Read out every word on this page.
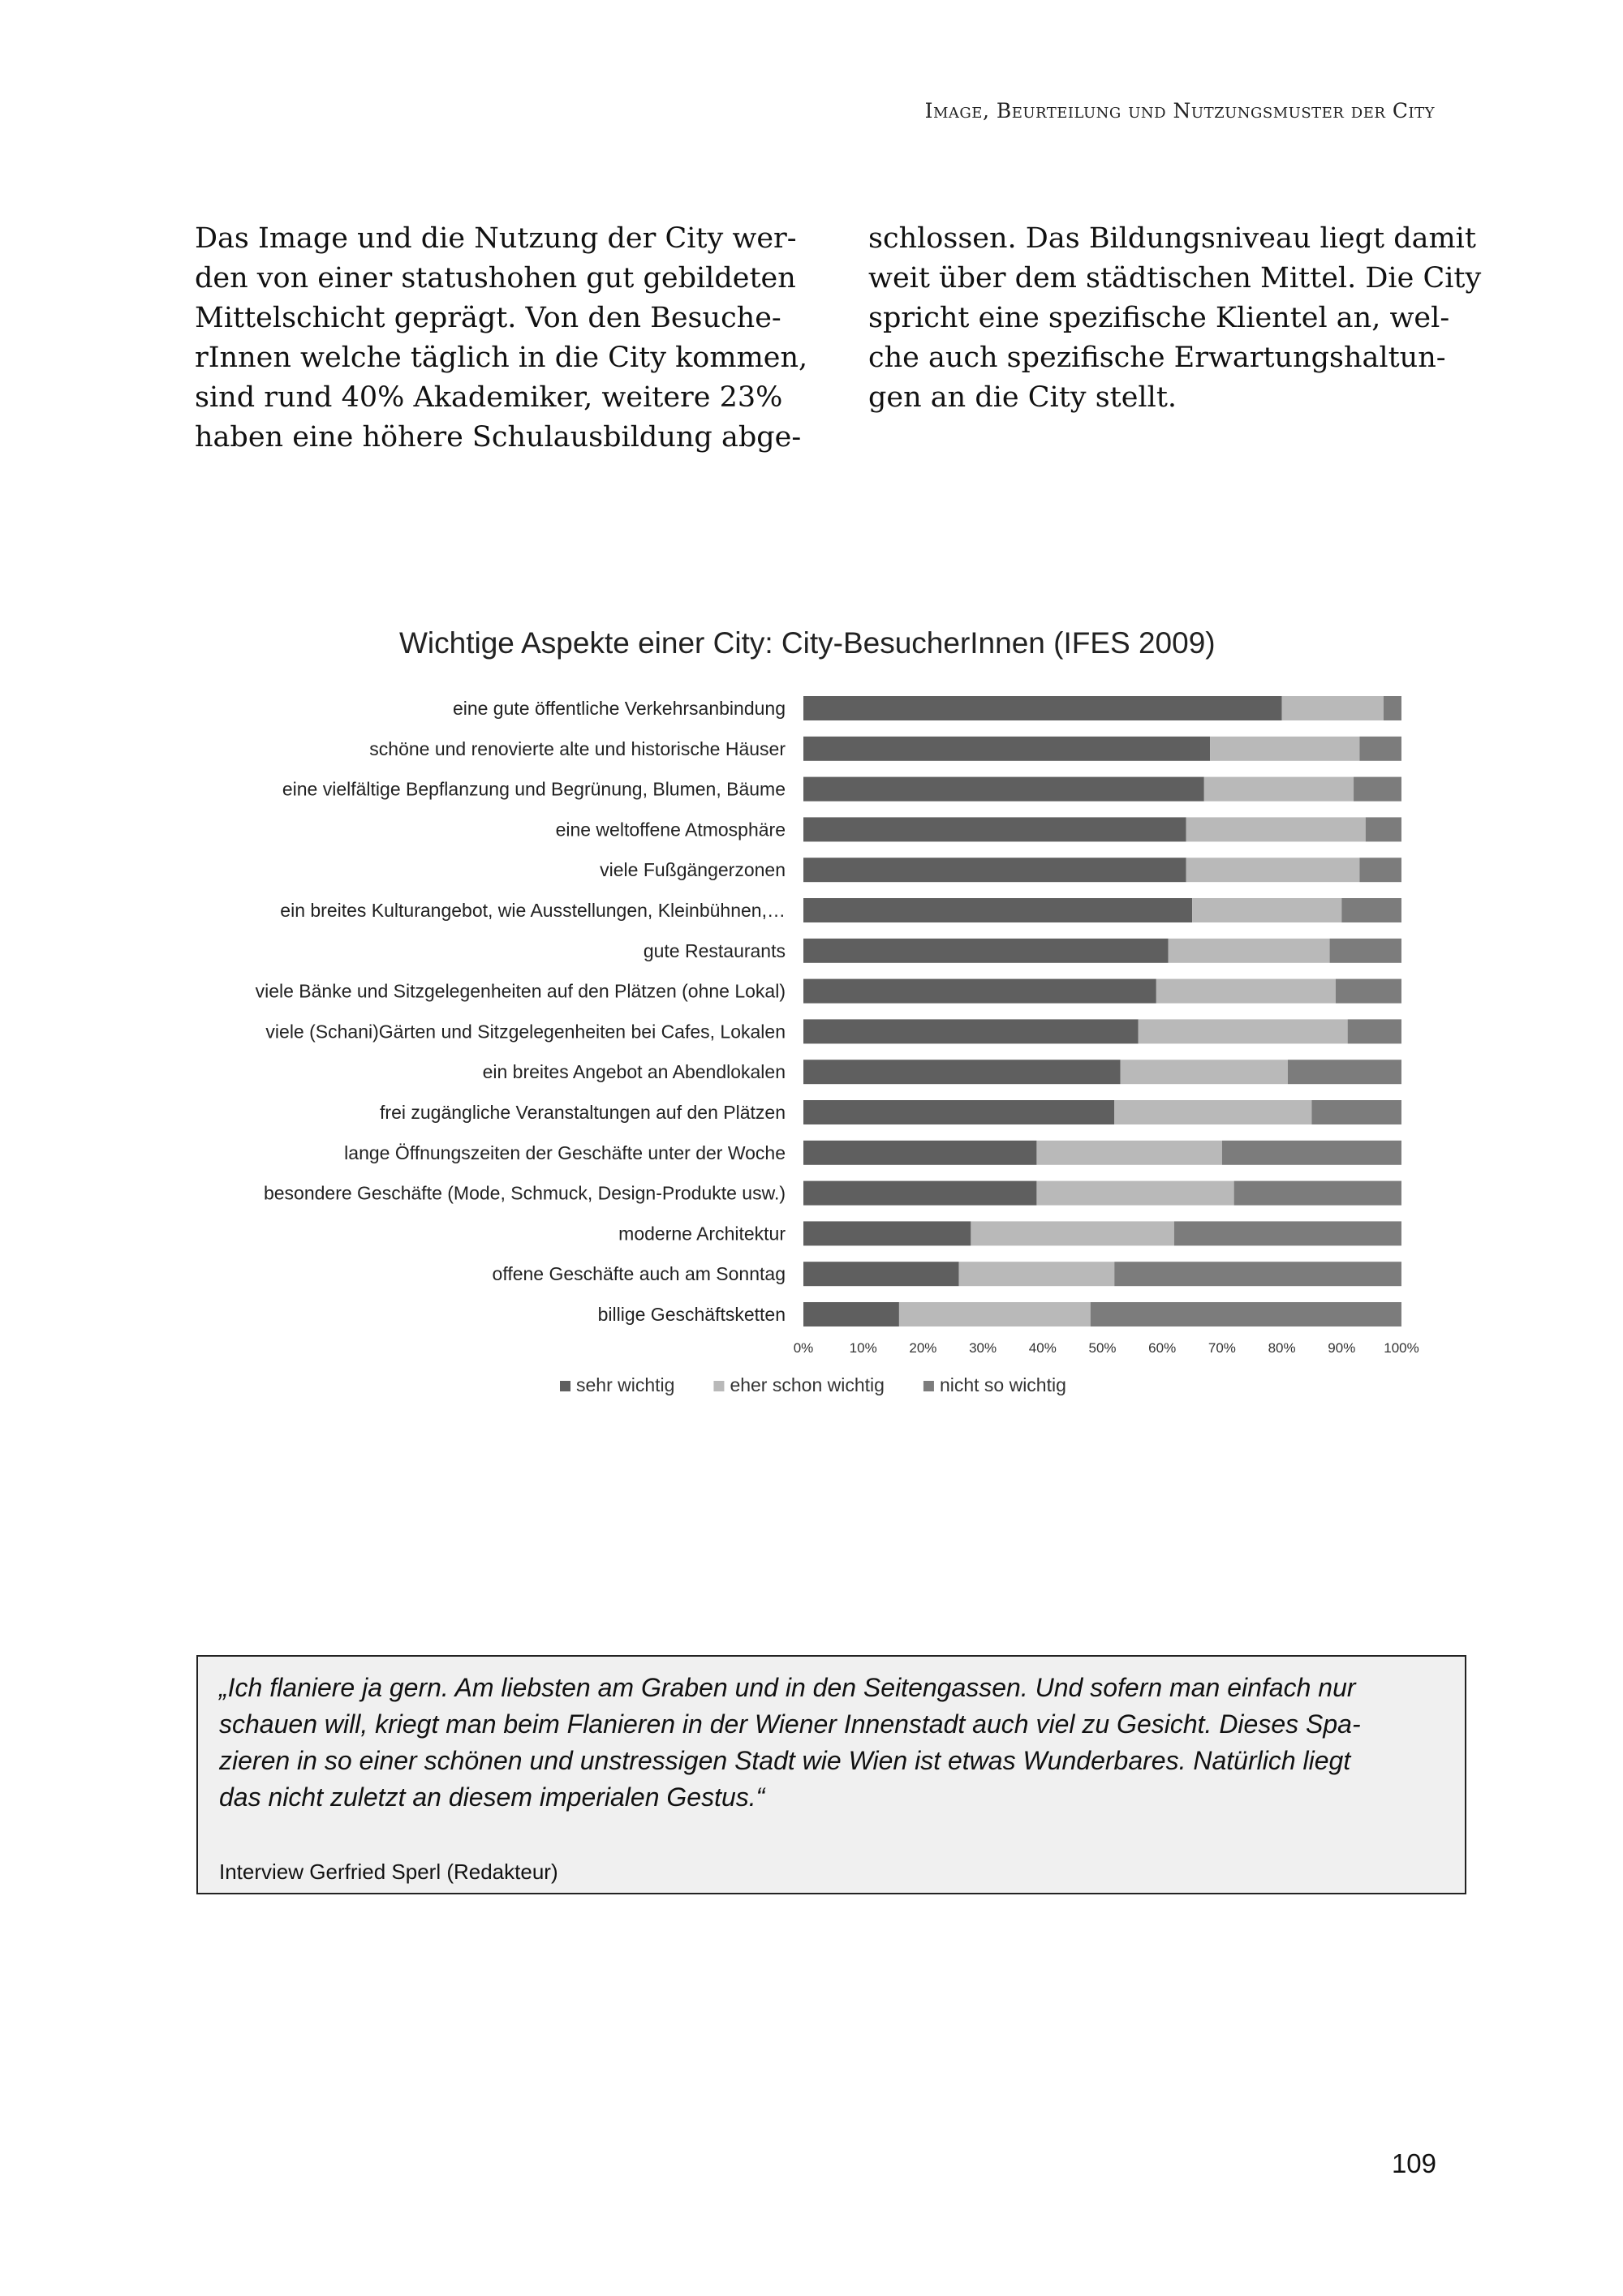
Image, Beurteilung und Nutzungsmuster der City
Das Image und die Nutzung der City wer-
den von einer statushohen gut gebildeten
Mittelschicht geprägt. Von den Besuche-
rInnen welche täglich in die City kommen,
sind rund 40% Akademiker, weitere 23%
haben eine höhere Schulausbildung abge-
schlossen. Das Bildungsniveau liegt damit
weit über dem städtischen Mittel. Die City
spricht eine spezifische Klientel an, wel-
che auch spezifische Erwartungshaltun-
gen an die City stellt.
Wichtige Aspekte einer City: City-BesucherInnen (IFES 2009)
eine gute öffentliche Verkehrsanbindung
schöne und renovierte alte und historische Häuser
eine vielfältige Bepflanzung und Begrünung, Blumen, Bäume
eine weltoffene Atmosphäre
viele Fußgängerzonen
ein breites Kulturangebot, wie Ausstellungen, Kleinbühnen,…
gute Restaurants
viele Bänke und Sitzgelegenheiten auf den Plätzen (ohne Lokal)
viele (Schani)Gärten und Sitzgelegenheiten bei Cafes, Lokalen
ein breites Angebot an Abendlokalen
frei zugängliche Veranstaltungen auf den Plätzen
lange Öffnungszeiten der Geschäfte unter der Woche
besondere Geschäfte (Mode, Schmuck, Design-Produkte usw.)
moderne Architektur
offene Geschäfte auch am Sonntag
billige Geschäftsketten
0%	10% 20% 30% 40% 50% 60% 70% 80% 90% 100%
sehr wichtig	eher schon wichtig	nicht so wichtig

„Ich flaniere ja gern. Am liebsten am Graben und in den Seitengassen. Und sofern man einfach nur
schauen will, kriegt man beim Flanieren in der Wiener Innenstadt auch viel zu Gesicht. Dieses Spa-
zieren in so einer schönen und unstressigen Stadt wie Wien ist etwas Wunderbares. Natürlich liegt
das nicht zuletzt an diesem imperialen Gestus.“

Interview Gerfried Sperl (Redakteur)
109
